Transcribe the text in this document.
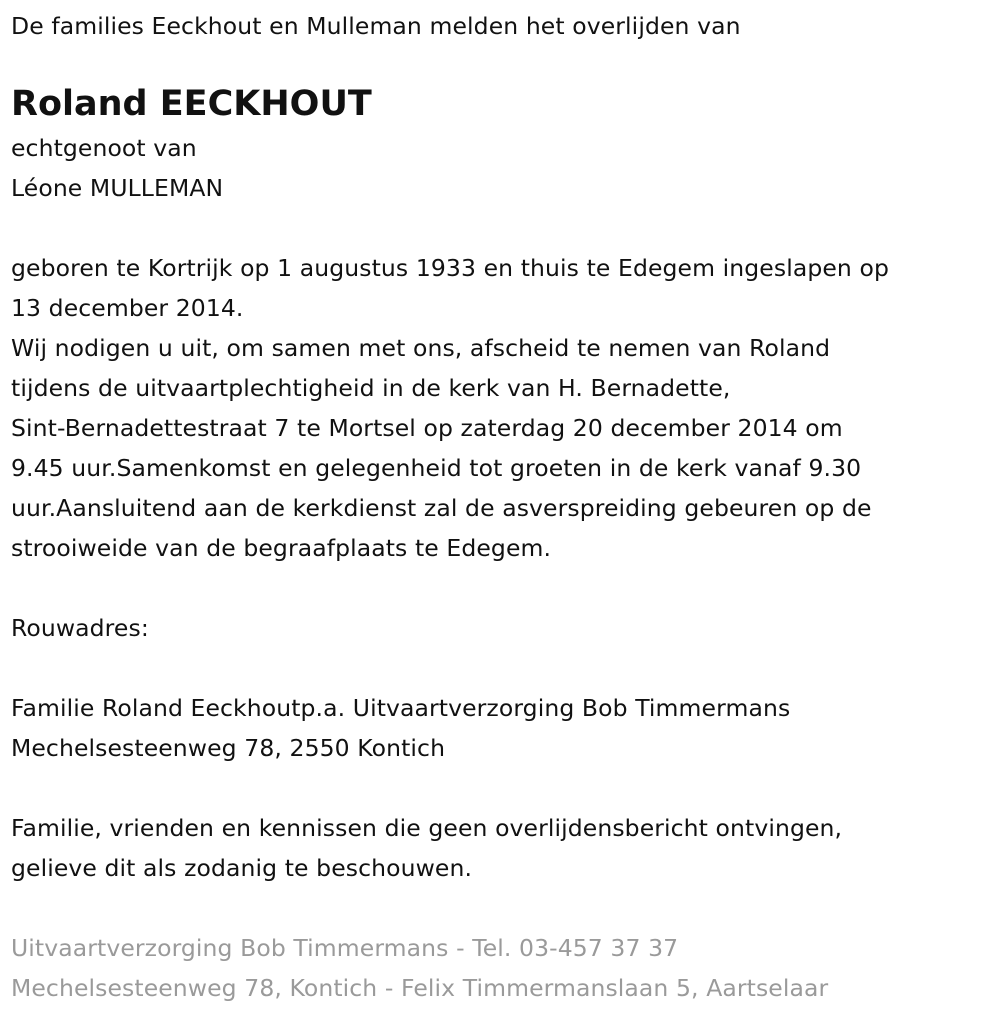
De families Eeckhout en Mulleman melden het overlijden van
Roland EECKHOUT
echtgenoot van
Léone MULLEMAN
geboren te Kortrijk op 1 augustus 1933 en thuis te Edegem ingeslapen op
13 december 2014.
Wij nodigen u uit, om samen met ons, afscheid te nemen van Roland
tijdens de uitvaartplechtigheid in de kerk van H. Bernadette,
Sint-Bernadettestraat 7 te Mortsel op zaterdag 20 december 2014 om
9.45 uur.Samenkomst en gelegenheid tot groeten in de kerk vanaf 9.30
uur.Aansluitend aan de kerkdienst zal de asverspreiding gebeuren op de
strooiweide van de begraafplaats te Edegem.
Rouwadres:
Familie Roland Eeckhoutp.a. Uitvaartverzorging Bob Timmermans
Mechelsesteenweg 78, 2550 Kontich
Familie, vrienden en kennissen die geen overlijdensbericht ontvingen,
gelieve dit als zodanig te beschouwen.
Uitvaartverzorging Bob Timmermans - Tel. 03-457 37 37
Mechelsesteenweg 78, Kontich - Felix Timmermanslaan 5, Aartselaar
